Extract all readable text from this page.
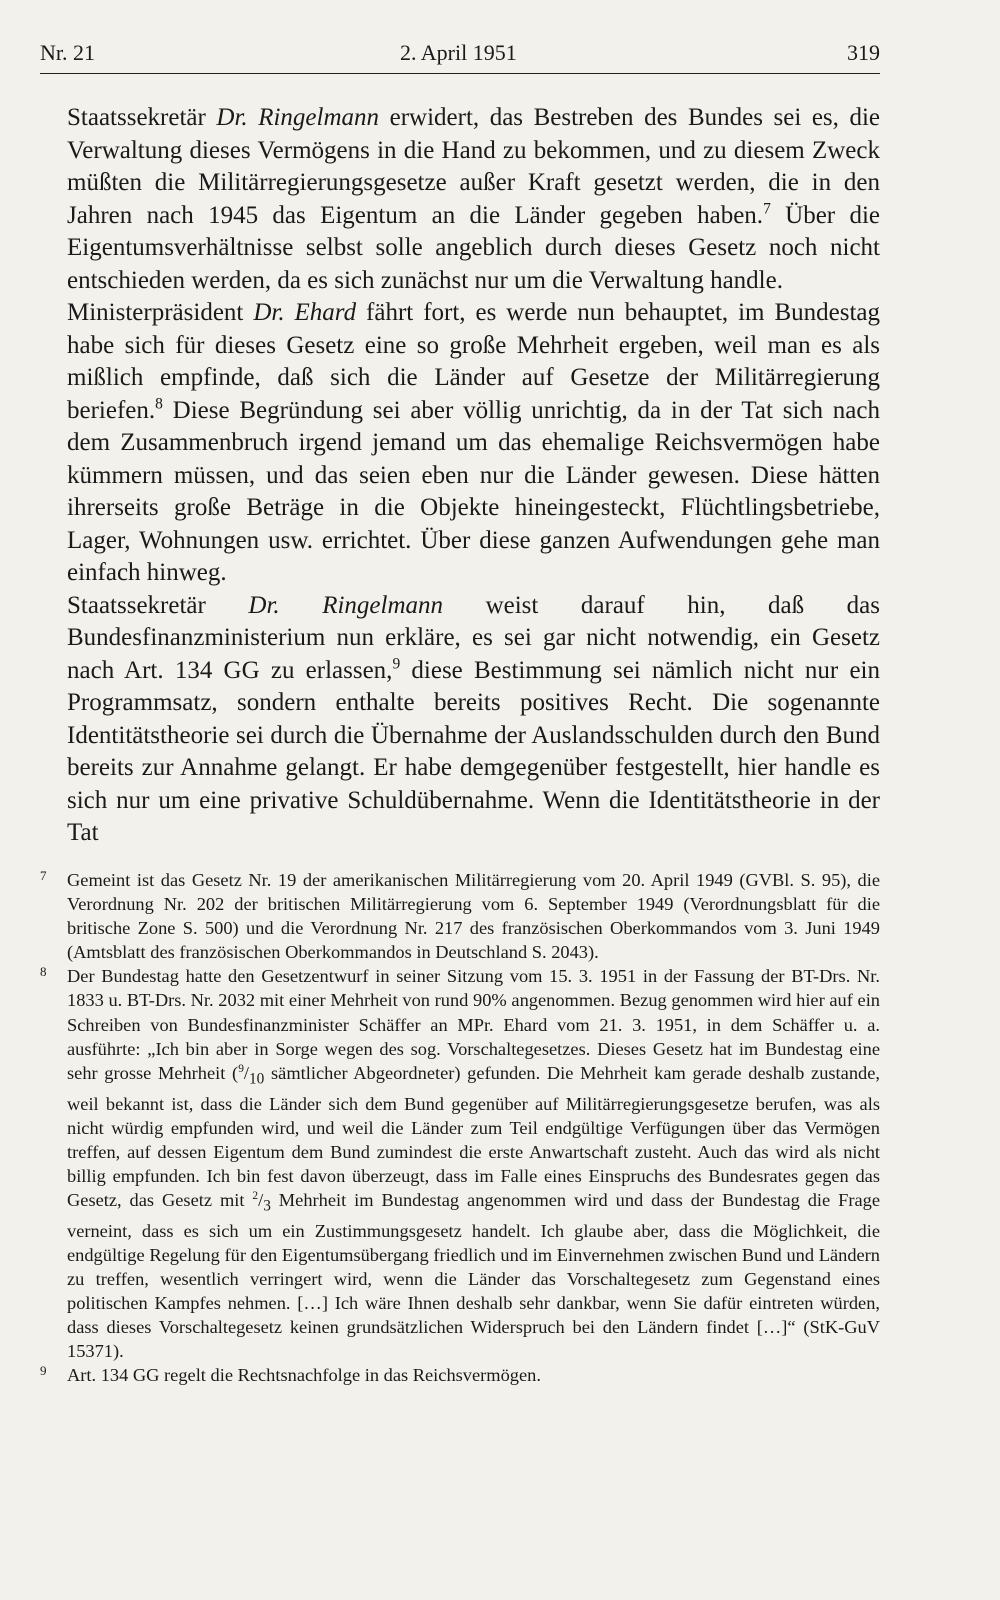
Nr. 21	2. April 1951	319

Staatssekretär Dr. Ringelmann erwidert, das Bestreben des Bundes sei es, die Verwaltung dieses Vermögens in die Hand zu bekommen, und zu diesem Zweck müßten die Militärregierungsgesetze außer Kraft gesetzt werden, die in den Jahren nach 1945 das Eigentum an die Länder gegeben haben.$^7$ Über die Eigentumsverhältnisse selbst solle angeblich durch dieses Gesetz noch nicht entschieden werden, da es sich zunächst nur um die Verwaltung handle.

Ministerpräsident Dr. Ehard fährt fort, es werde nun behauptet, im Bundestag habe sich für dieses Gesetz eine so große Mehrheit ergeben, weil man es als mißlich empfinde, daß sich die Länder auf Gesetze der Militärregierung beriefen.$^8$ Diese Begründung sei aber völlig unrichtig, da in der Tat sich nach dem Zusammenbruch irgend jemand um das ehemalige Reichsvermögen habe kümmern müssen, und das seien eben nur die Länder gewesen. Diese hätten ihrerseits große Beträge in die Objekte hineingesteckt, Flüchtlingsbetriebe, Lager, Wohnungen usw. errichtet. Über diese ganzen Aufwendungen gehe man einfach hinweg.

Staatssekretär Dr. Ringelmann weist darauf hin, daß das Bundesfinanzministerium nun erkläre, es sei gar nicht notwendig, ein Gesetz nach Art. 134 GG zu erlassen,$^9$ diese Bestimmung sei nämlich nicht nur ein Programmsatz, sondern enthalte bereits positives Recht. Die sogenannte Identitätstheorie sei durch die Übernahme der Auslandsschulden durch den Bund bereits zur Annahme gelangt. Er habe demgegenüber festgestellt, hier handle es sich nur um eine privative Schuldübernahme. Wenn die Identitätstheorie in der Tat

7 Gemeint ist das Gesetz Nr. 19 der amerikanischen Militärregierung vom 20. April 1949 (GVBl. S. 95), die Verordnung Nr. 202 der britischen Militärregierung vom 6. September 1949 (Verordnungsblatt für die britische Zone S. 500) und die Verordnung Nr. 217 des französischen Oberkommandos vom 3. Juni 1949 (Amtsblatt des französischen Oberkommandos in Deutschland S. 2043).

8 Der Bundestag hatte den Gesetzentwurf in seiner Sitzung vom 15. 3. 1951 in der Fassung der BT-Drs. Nr. 1833 u. BT-Drs. Nr. 2032 mit einer Mehrheit von rund 90% angenommen. Bezug genommen wird hier auf ein Schreiben von Bundesfinanzminister Schäffer an MPr. Ehard vom 21. 3. 1951, in dem Schäffer u. a. ausführte: „Ich bin aber in Sorge wegen des sog. Vorschaltegesetzes. Dieses Gesetz hat im Bundestag eine sehr grosse Mehrheit ($^9/_{10}$ sämtlicher Abgeordneter) gefunden. Die Mehrheit kam gerade deshalb zustande, weil bekannt ist, dass die Länder sich dem Bund gegenüber auf Militärregierungsgesetze berufen, was als nicht würdig empfunden wird, und weil die Länder zum Teil endgültige Verfügungen über das Vermögen treffen, auf dessen Eigentum dem Bund zumindest die erste Anwartschaft zusteht. Auch das wird als nicht billig empfunden. Ich bin fest davon überzeugt, dass im Falle eines Einspruchs des Bundesrates gegen das Gesetz, das Gesetz mit $^2/_3$ Mehrheit im Bundestag angenommen wird und dass der Bundestag die Frage verneint, dass es sich um ein Zustimmungsgesetz handelt. Ich glaube aber, dass die Möglichkeit, die endgültige Regelung für den Eigentumsübergang friedlich und im Einvernehmen zwischen Bund und Ländern zu treffen, wesentlich verringert wird, wenn die Länder das Vorschaltegesetz zum Gegenstand eines politischen Kampfes nehmen. […] Ich wäre Ihnen deshalb sehr dankbar, wenn Sie dafür eintreten würden, dass dieses Vorschaltegesetz keinen grundsätzlichen Widerspruch bei den Ländern findet […]“ (StK-GuV 15371).

9 Art. 134 GG regelt die Rechtsnachfolge in das Reichsvermögen.
